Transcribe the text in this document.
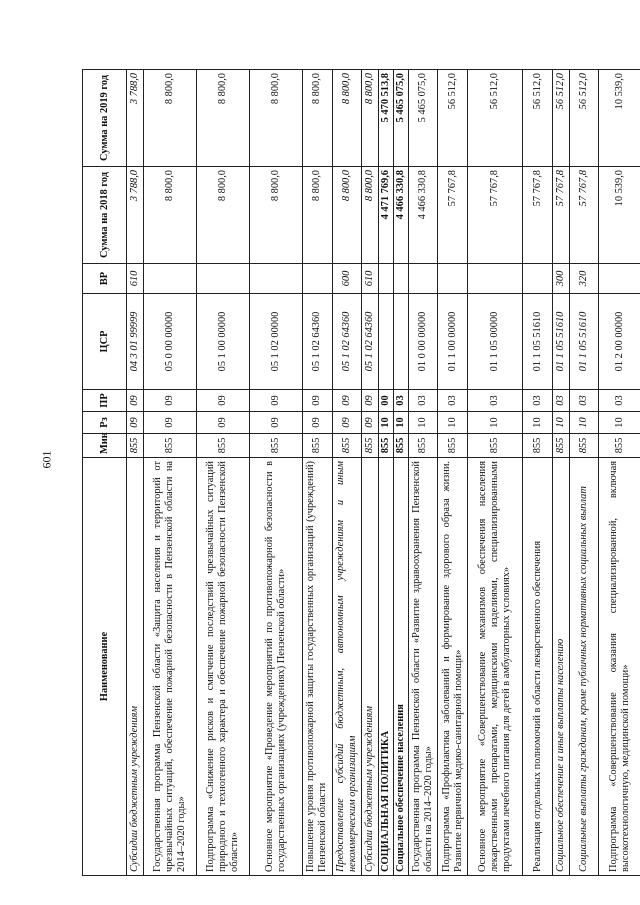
601
Наименование	Мин	Рз	ПР	ЦСР	ВР	Сумма на 2018 год	Сумма на 2019 год
Субсидии бюджетным учреждениям	855	09	09	04 3 01 99999	610	3 788,0	3 788,0
Государственная программа Пензенской области «Защита населения и территорий от чрезвычайных ситуаций, обеспечение пожарной безопасности в Пензенской области на 2014–2020 годы»	855	09	09	05 0 00 00000		8 800,0	8 800,0
Подпрограмма «Снижение рисков и смягчение последствий чрезвычайных ситуаций природного и техногенного характера и обеспечение пожарной безопасности Пензенской области»	855	09	09	05 1 00 00000		8 800,0	8 800,0
Основное мероприятие «Проведение мероприятий по противопожарной безопасности в государственных организациях (учреждениях) Пензенской области»	855	09	09	05 1 02 00000		8 800,0	8 800,0
Повышение уровня противопожарной защиты государственных организаций (учреждений) Пензенской области	855	09	09	05 1 02 64360		8 800,0	8 800,0
Предоставление субсидий бюджетным, автономным учреждениям и иным некоммерческим организациям	855	09	09	05 1 02 64360	600	8 800,0	8 800,0
Субсидии бюджетным учреждениям	855	09	09	05 1 02 64360	610	8 800,0	8 800,0
СОЦИАЛЬНАЯ ПОЛИТИКА	855	10	00			4 471 769,6	5 470 513,8
Социальное обеспечение населения	855	10	03			4 466 330,8	5 465 075,0
Государственная программа Пензенской области «Развитие здравоохранения Пензенской области на 2014–2020 годы»	855	10	03	01 0 00 00000		4 466 330,8	5 465 075,0
Подпрограмма «Профилактика заболеваний и формирование здорового образа жизни. Развитие первичной медико-санитарной помощи»	855	10	03	01 1 00 00000		57 767,8	56 512,0
Основное мероприятие «Совершенствование механизмов обеспечения населения лекарственными препаратами, медицинскими изделиями, специализированными продуктами лечебного питания для детей в амбулаторных условиях»	855	10	03	01 1 05 00000		57 767,8	56 512,0
Реализация отдельных полномочий в области лекарственного обеспечения	855	10	03	01 1 05 51610		57 767,8	56 512,0
Социальное обеспечение и иные выплаты населению	855	10	03	01 1 05 51610	300	57 767,8	56 512,0
Социальные выплаты гражданам, кроме публичных нормативных социальных выплат	855	10	03	01 1 05 51610	320	57 767,8	56 512,0
Подпрограмма «Совершенствование оказания специализированной, включая высокотехнологичную, медицинской помощи»	855	10	03	01 2 00 00000		10 539,0	10 539,0
